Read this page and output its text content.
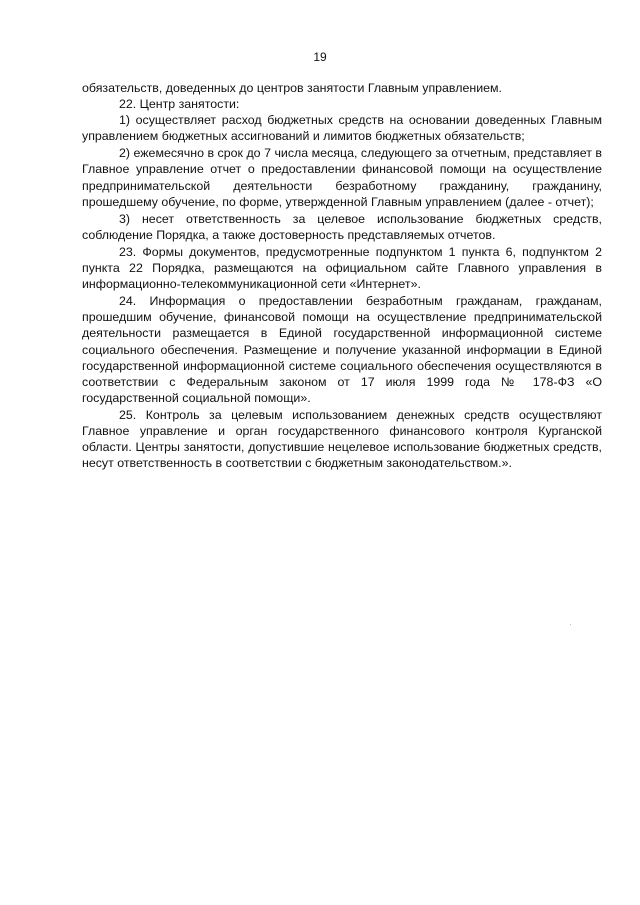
19

обязательств, доведенных до центров занятости Главным управлением.

22. Центр занятости:

1) осуществляет расход бюджетных средств на основании доведенных Главным управлением бюджетных ассигнований и лимитов бюджетных обязательств;

2) ежемесячно в срок до 7 числа месяца, следующего за отчетным, представляет в Главное управление отчет о предоставлении финансовой помощи на осуществление предпринимательской деятельности безработному гражданину, гражданину, прошедшему обучение, по форме, утвержденной Главным управлением (далее - отчет);

3) несет ответственность за целевое использование бюджетных средств, соблюдение Порядка, а также достоверность представляемых отчетов.

23. Формы документов, предусмотренные подпунктом 1 пункта 6, подпунктом 2 пункта 22 Порядка, размещаются на официальном сайте Главного управления в информационно-телекоммуникационной сети «Интернет».

24. Информация о предоставлении безработным гражданам, гражданам, прошедшим обучение, финансовой помощи на осуществление предпринимательской деятельности размещается в Единой государственной информационной системе социального обеспечения. Размещение и получение указанной информации в Единой государственной информационной системе социального обеспечения осуществляются в соответствии с Федеральным законом от 17 июля 1999 года № 178-ФЗ «О государственной социальной помощи».

25. Контроль за целевым использованием денежных средств осуществляют Главное управление и орган государственного финансового контроля Курганской области. Центры занятости, допустившие нецелевое использование бюджетных средств, несут ответственность в соответствии с бюджетным законодательством.».
